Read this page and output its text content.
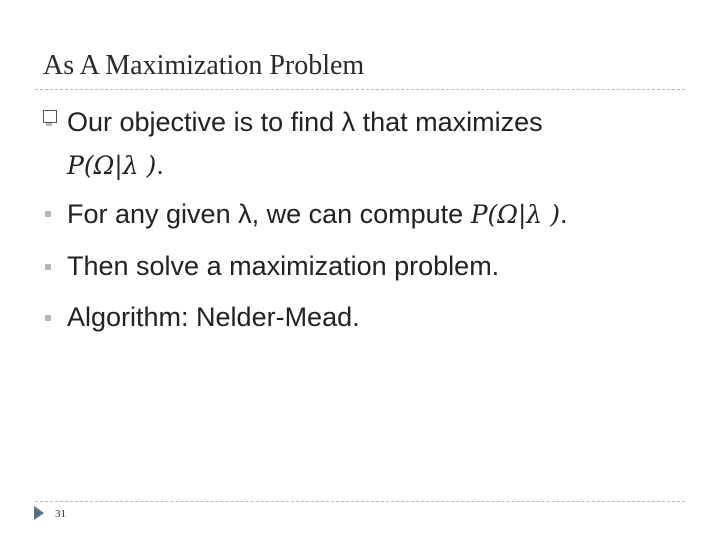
As A Maximization Problem
Our objective is to find λ that maximizes
P(Ω|λ ).
For any given λ, we can compute P(Ω|λ ).
Then solve a maximization problem.
Algorithm: Nelder-Mead.
31
